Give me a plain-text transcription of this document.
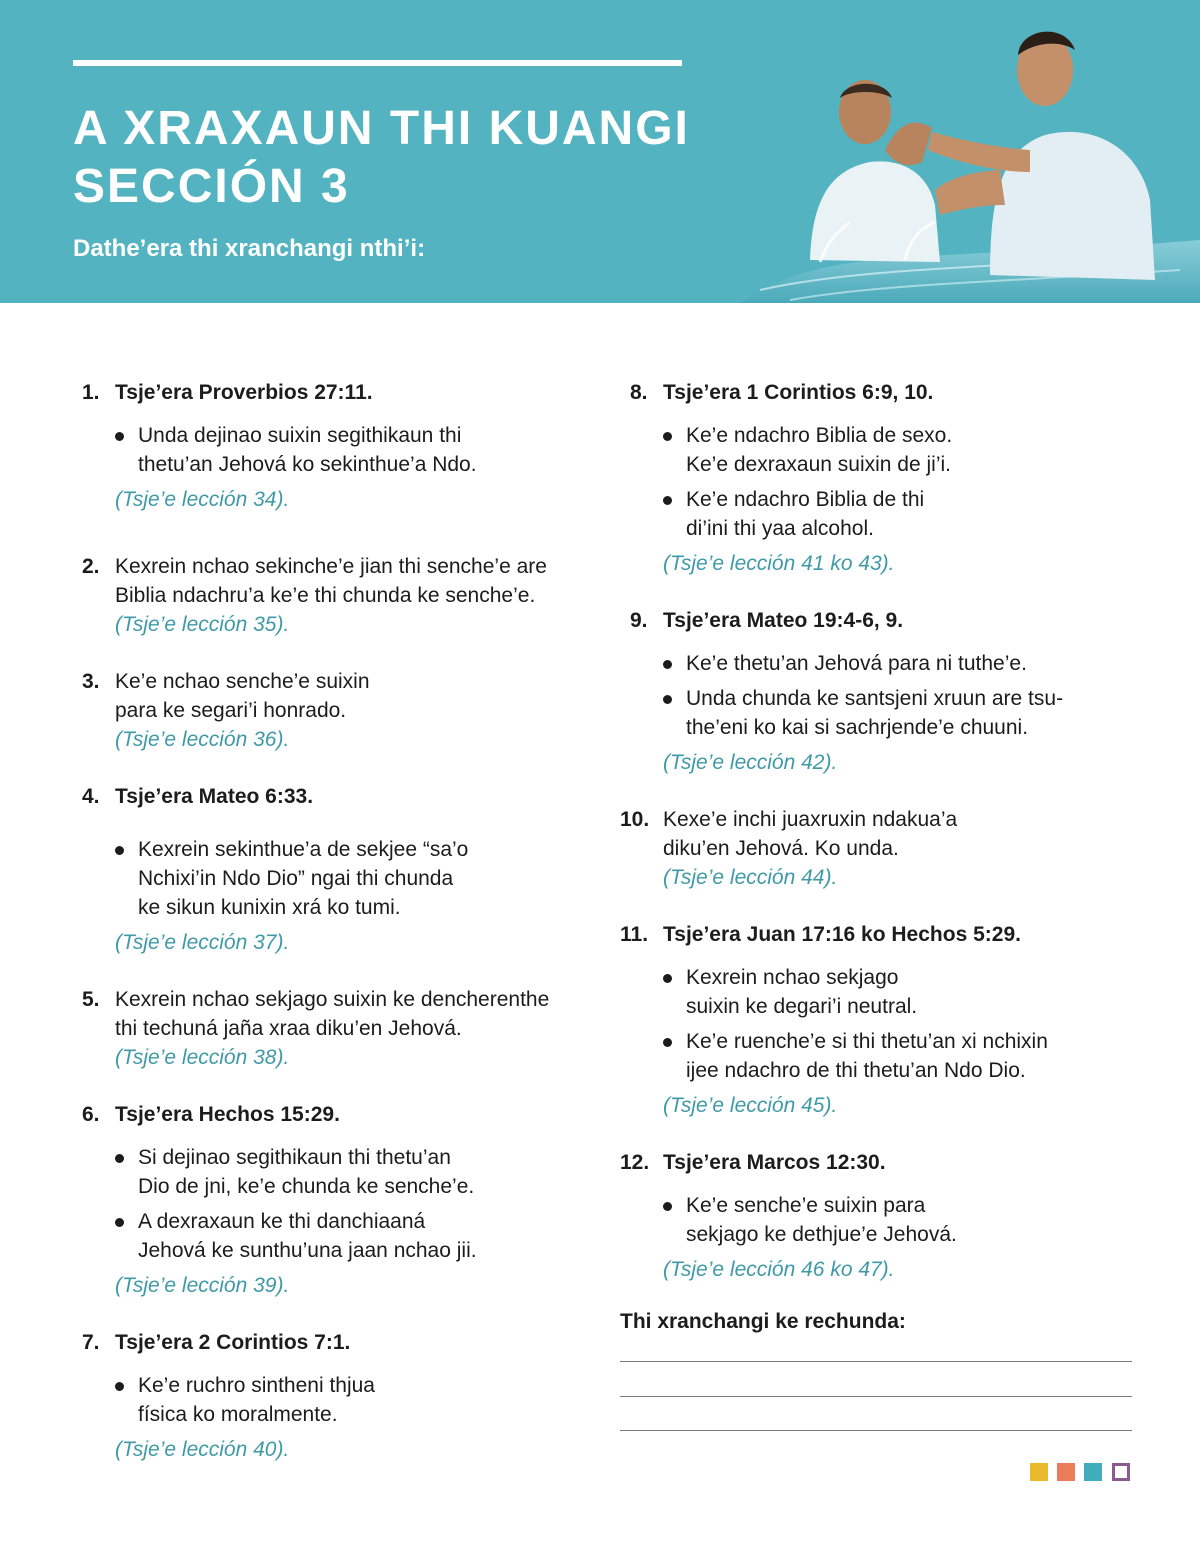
A XRAXAUN THI KUANGI
SECCIÓN 3
Dathe’era thi xranchangi nthi’i:
1. Tsje’era Proverbios 27:11.
Unda dejinao suixin segithikaun thi
thetu’an Jehová ko sekinthue’a Ndo.
(Tsje’e lección 34).
2. Kexrein nchao sekinche’e jian thi senche’e are
Biblia ndachru’a ke’e thi chunda ke senche’e.
(Tsje’e lección 35).
3. Ke’e nchao senche’e suixin
para ke segari’i honrado.
(Tsje’e lección 36).
4. Tsje’era Mateo 6:33.
Kexrein sekinthue’a de sekjee “sa’o
Nchixi’in Ndo Dio” ngai thi chunda
ke sikun kunixin xrá ko tumi.
(Tsje’e lección 37).
5. Kexrein nchao sekjago suixin ke dencherenthe
thi techuná jaña xraa diku’en Jehová.
(Tsje’e lección 38).
6. Tsje’era Hechos 15:29.
Si dejinao segithikaun thi thetu’an
Dio de jni, ke’e chunda ke senche’e.
A dexraxaun ke thi danchiaaná
Jehová ke sunthu’una jaan nchao jii.
(Tsje’e lección 39).
7. Tsje’era 2 Corintios 7:1.
Ke’e ruchro sintheni thjua
física ko moralmente.
(Tsje’e lección 40).
8. Tsje’era 1 Corintios 6:9, 10.
Ke’e ndachro Biblia de sexo.
Ke’e dexraxaun suixin de ji’i.
Ke’e ndachro Biblia de thi
di’ini thi yaa alcohol.
(Tsje’e lección 41 ko 43).
9. Tsje’era Mateo 19:4-6, 9.
Ke’e thetu’an Jehová para ni tuthe’e.
Unda chunda ke santsjeni xruun are tsu-
the’eni ko kai si sachrjende’e chuuni.
(Tsje’e lección 42).
10. Kexe’e inchi juaxruxin ndakua’a
diku’en Jehová. Ko unda.
(Tsje’e lección 44).
11. Tsje’era Juan 17:16 ko Hechos 5:29.
Kexrein nchao sekjago
suixin ke degari’i neutral.
Ke’e ruenche’e si thi thetu’an xi nchixin
ijee ndachro de thi thetu’an Ndo Dio.
(Tsje’e lección 45).
12. Tsje’era Marcos 12:30.
Ke’e senche’e suixin para
sekjago ke dethjue’e Jehová.
(Tsje’e lección 46 ko 47).
Thi xranchangi ke rechunda:
